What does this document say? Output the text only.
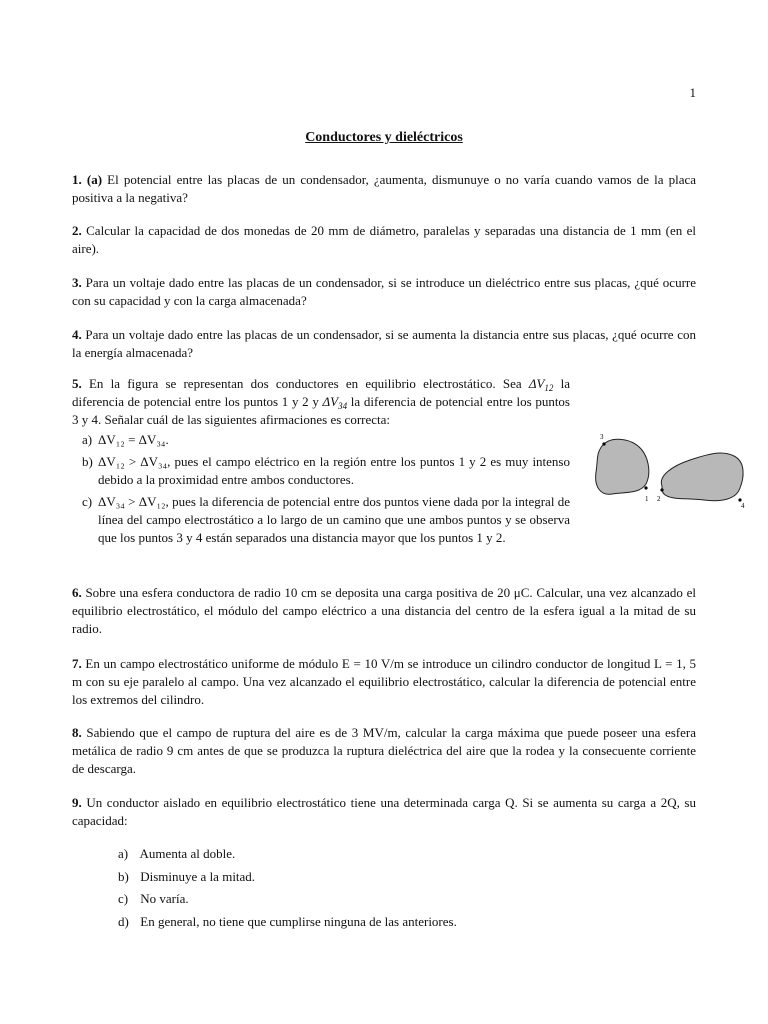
1
Conductores y dieléctricos
1. (a) El potencial entre las placas de un condensador, ¿aumenta, dismunuye o no varía cuando vamos de la placa positiva a la negativa?
2. Calcular la capacidad de dos monedas de 20 mm de diámetro, paralelas y separadas una distancia de 1 mm (en el aire).
3. Para un voltaje dado entre las placas de un condensador, si se introduce un dieléctrico entre sus placas, ¿qué ocurre con su capacidad y con la carga almacenada?
4. Para un voltaje dado entre las placas de un condensador, si se aumenta la distancia entre sus placas, ¿qué ocurre con la energía almacenada?
5. En la figura se representan dos conductores en equilibrio electrostático. Sea $\Delta V_{12}$ la diferencia de potencial entre los puntos 1 y 2 y $\Delta V_{34}$ la diferencia de potencial entre los puntos 3 y 4. Señalar cuál de las siguientes afirmaciones es correcta:
a) ΔV₁₂ = ΔV₃₄.
b) ΔV₁₂ > ΔV₃₄, pues el campo eléctrico en la región entre los puntos 1 y 2 es muy intenso debido a la proximidad entre ambos conductores.
c) ΔV₃₄ > ΔV₁₂, pues la diferencia de potencial entre dos puntos viene dada por la integral de línea del campo electrostático a lo largo de un camino que une ambos puntos y se observa que los puntos 3 y 4 están separados una distancia mayor que los puntos 1 y 2.
3
1 2
4
6. Sobre una esfera conductora de radio 10 cm se deposita una carga positiva de 20 μC. Calcular, una vez alcanzado el equilibrio electrostático, el módulo del campo eléctrico a una distancia del centro de la esfera igual a la mitad de su radio.
7. En un campo electrostático uniforme de módulo E = 10 V/m se introduce un cilindro conductor de longitud L = 1, 5 m con su eje paralelo al campo. Una vez alcanzado el equilibrio electrostático, calcular la diferencia de potencial entre los extremos del cilindro.
8. Sabiendo que el campo de ruptura del aire es de 3 MV/m, calcular la carga máxima que puede poseer una esfera metálica de radio 9 cm antes de que se produzca la ruptura dieléctrica del aire que la rodea y la consecuente corriente de descarga.
9. Un conductor aislado en equilibrio electrostático tiene una determinada carga Q. Si se aumenta su carga a 2Q, su capacidad:
a) Aumenta al doble.
b) Disminuye a la mitad.
c) No varía.
d) En general, no tiene que cumplirse ninguna de las anteriores.
